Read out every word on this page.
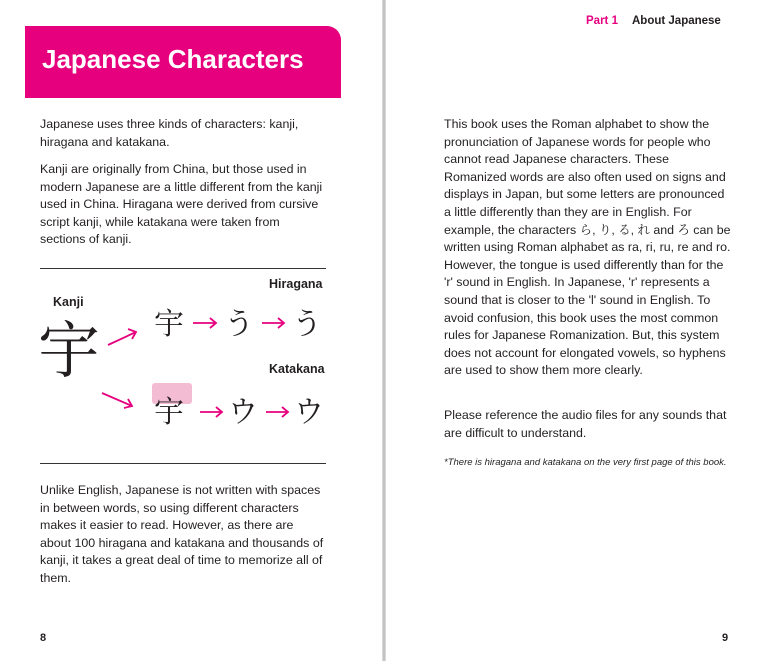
Japanese Characters

Japanese uses three kinds of characters: kanji, hiragana and katakana.

Kanji are originally from China, but those used in modern Japanese are a little different from the kanji used in China. Hiragana were derived from cursive script kanji, while katakana were taken from sections of kanji.

Hiragana
Kanji
Katakana
宇 宇 う う
宇 ウ ウ

Unlike English, Japanese is not written with spaces in between words, so using different characters makes it easier to read. However, as there are about 100 hiragana and katakana and thousands of kanji, it takes a great deal of time to memorize all of them.

8
Part 1 About Japanese

This book uses the Roman alphabet to show the pronunciation of Japanese words for people who cannot read Japanese characters. These Romanized words are also often used on signs and displays in Japan, but some letters are pronounced a little differently than they are in English. For example, the characters ら, り, る, れ and ろ can be written using Roman alphabet as ra, ri, ru, re and ro. However, the tongue is used differently than for the 'r' sound in English. In Japanese, 'r' represents a sound that is closer to the 'l' sound in English. To avoid confusion, this book uses the most common rules for Japanese Romanization. But, this system does not account for elongated vowels, so hyphens are used to show them more clearly.

Please reference the audio files for any sounds that are difficult to understand.

*There is hiragana and katakana on the very first page of this book.

9
